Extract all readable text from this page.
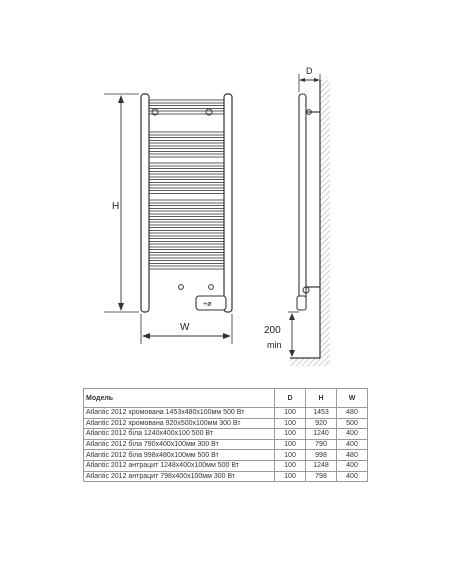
+ø
H
W
D
200
min
Модель	D	H	W
Atlantic 2012 хромована 1453x480x100мм 500 Вт	100	1453	480
Atlantic 2012 хромована 920x500x100мм 300 Вт	100	920	500
Atlantic 2012 біла 1240x400x100 500 Вт	100	1240	400
Atlantic 2012 біла 790x400x100мм 300 Вт	100	790	400
Atlantic 2012 біла 998x480x100мм 500 Вт	100	998	480
Atlantic 2012 антрацит 1248x400x100мм 500 Вт	100	1248	400
Atlantic 2012 антрацит 798x400x100мм 300 Вт	100	798	400
